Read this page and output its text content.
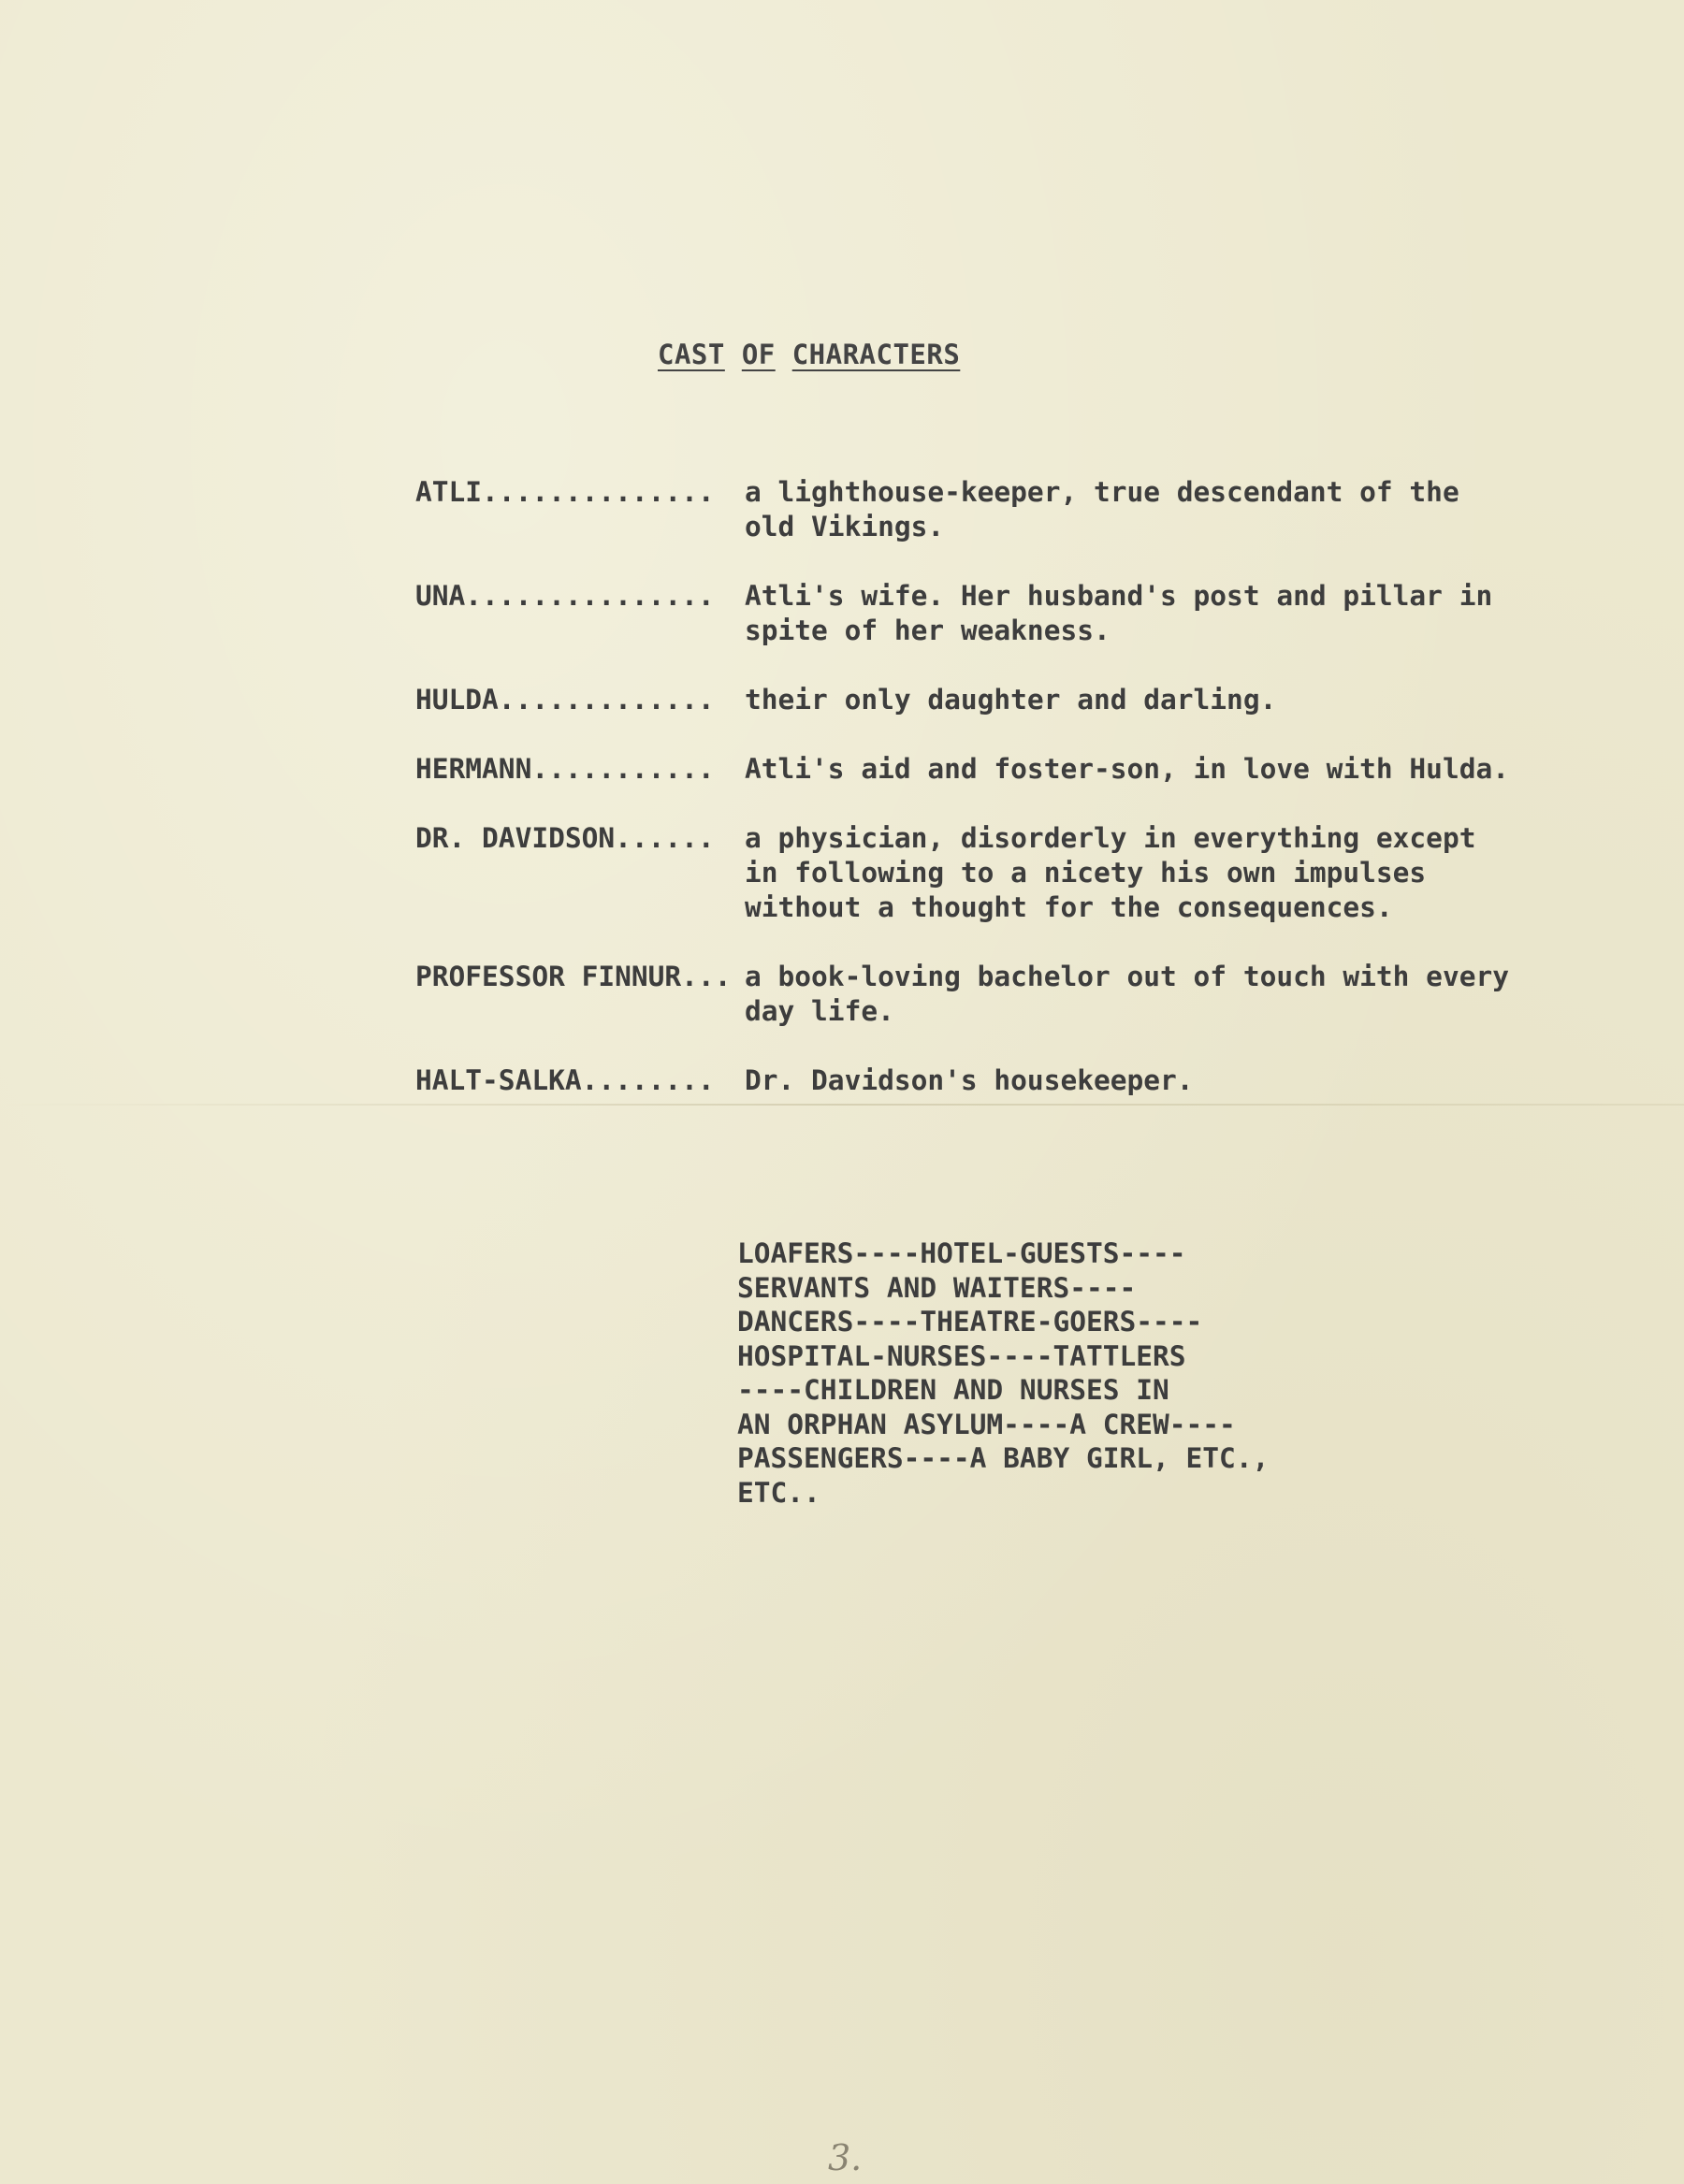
CAST OF CHARACTERS
ATLI..............	a lighthouse-keeper, true descendant of the
old Vikings.
UNA...............	Atli's wife. Her husband's post and pillar in
spite of her weakness.
HULDA.............	their only daughter and darling.
HERMANN...........	Atli's aid and foster-son, in love with Hulda.
DR. DAVIDSON......	a physician, disorderly in everything except
in following to a nicety his own impulses
without a thought for the consequences.
PROFESSOR FINNUR... a book-loving bachelor out of touch with every
day life.
HALT-SALKA........	Dr. Davidson's housekeeper.
LOAFERS----HOTEL-GUESTS----
SERVANTS AND WAITERS----
DANCERS----THEATRE-GOERS----
HOSPITAL-NURSES----TATTLERS
----CHILDREN AND NURSES IN
AN ORPHAN ASYLUM----A CREW----
PASSENGERS----A BABY GIRL, ETC.,
ETC..
3.
